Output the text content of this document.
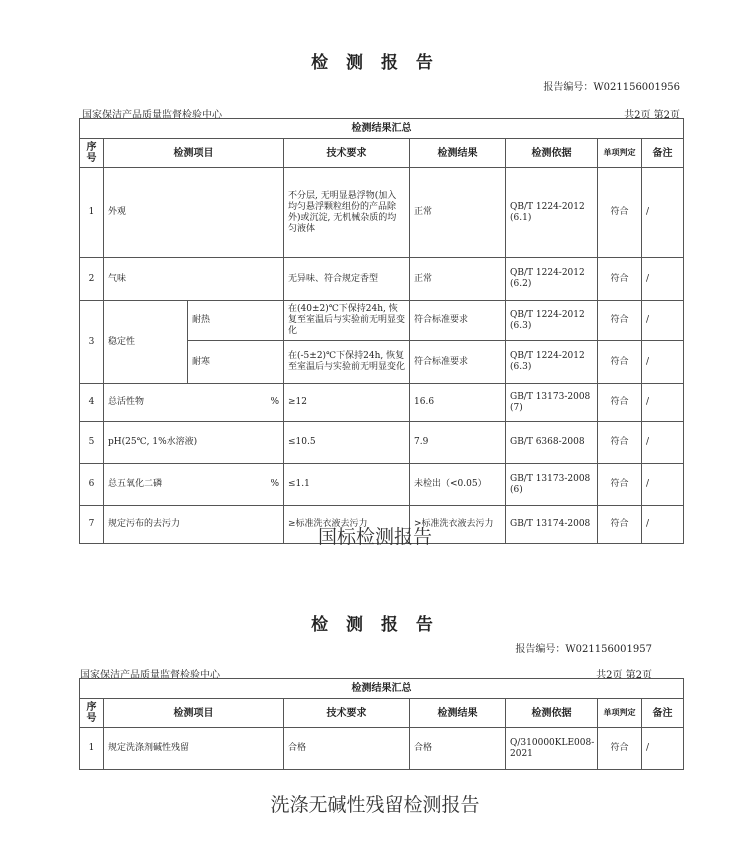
检 测 报 告
报告编号：W021156001956
国家保洁产品质量监督检验中心	共2页 第2页
检测结果汇总							
序号	检测项目		技术要求	检测结果	检测依据	单项判定	备注
1	外观		不分层, 无明显悬浮物(加入均匀悬浮颗粒组份的产品除外)或沉淀, 无机械杂质的均匀液体	正常	QB/T 1224-2012 (6.1)	符合	/
2	气味		无异味、符合规定香型	正常	QB/T 1224-2012 (6.2)	符合	/
3	稳定性	耐热	在(40±2)℃下保持24h, 恢复至室温后与实验前无明显变化	符合标准要求	QB/T 1224-2012 (6.3)	符合	/
		耐寒	在(-5±2)℃下保持24h, 恢复至室温后与实验前无明显变化	符合标准要求	QB/T 1224-2012 (6.3)	符合	/
4	总活性物 %		≥12	16.6	GB/T 13173-2008 (7)	符合	/
5	pH(25℃, 1%水溶液)		≤10.5	7.9	GB/T 6368-2008	符合	/
6	总五氧化二磷 %		≤1.1	未检出（<0.05）	GB/T 13173-2008 (6)	符合	/
7	规定污布的去污力		≥标准洗衣液去污力	>标准洗衣液去污力	GB/T 13174-2008	符合	/
国标检测报告
检 测 报 告
报告编号：W021156001957
国家保洁产品质量监督检验中心	共2页 第2页
检测结果汇总						
序号	检测项目	技术要求	检测结果	检测依据	单项判定	备注
1	规定洗涤剂碱性残留	合格	合格	Q/310000KLE008-2021	符合	/
洗涤无碱性残留检测报告
